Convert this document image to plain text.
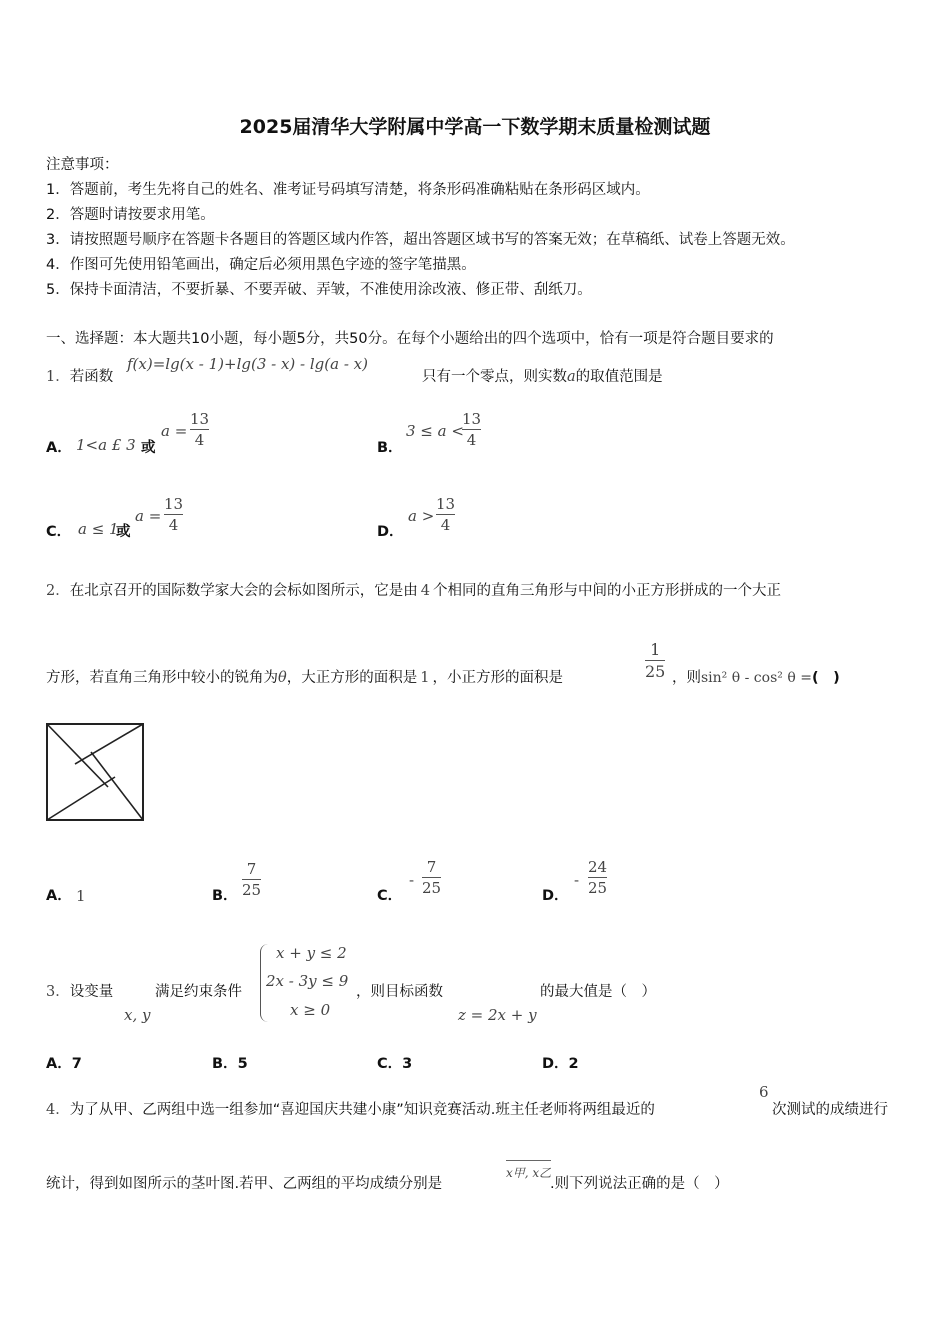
2025届清华大学附属中学高一下数学期末质量检测试题
注意事项：
1．答题前，考生先将自己的姓名、准考证号码填写清楚，将条形码准确粘贴在条形码区域内。
2．答题时请按要求用笔。
3．请按照题号顺序在答题卡各题目的答题区域内作答，超出答题区域书写的答案无效；在草稿纸、试卷上答题无效。
4．作图可先使用铅笔画出，确定后必须用黑色字迹的签字笔描黑。
5．保持卡面清洁，不要折暴、不要弄破、弄皱，不准使用涂改液、修正带、刮纸刀。
一、选择题：本大题共10小题，每小题5分，共50分。在每个小题给出的四个选项中，恰有一项是符合题目要求的
1．若函数
f(x)=lg(x - 1)+lg(3 - x) - lg(a - x)
只有一个零点，则实数a的取值范围是
A． 1<a £ 3 或
a =
13
4	B．
3 ≤ a <
13
4
C． a ≤ 1
或
a =
13
4	D．
a >
13
4
2．在北京召开的国际数学家大会的会标如图所示，它是由 4 个相同的直角三角形与中间的小正方形拼成的一个大正
方形，若直角三角形中较小的锐角为θ，大正方形的面积是 1 ，小正方形的面积是
1
25 ，则sin² θ - cos² θ =(　)
A． 1	B．
7
25	C．
-
7
25	D．
-
24
25
3．设变量
x, y
满足约束条件
x + y ≤ 2
2x - 3y ≤ 9
x ≥ 0
，则目标函数
z = 2x + y
的最大值是（　）
A．7	B．5	C．3	D．2
4．为了从甲、乙两组中选一组参加“喜迎国庆共建小康”知识竞赛活动.班主任老师将两组最近的
6
次测试的成绩进行
统计，得到如图所示的茎叶图.若甲、乙两组的平均成绩分别是
x甲, x乙
.则下列说法正确的是（　）
